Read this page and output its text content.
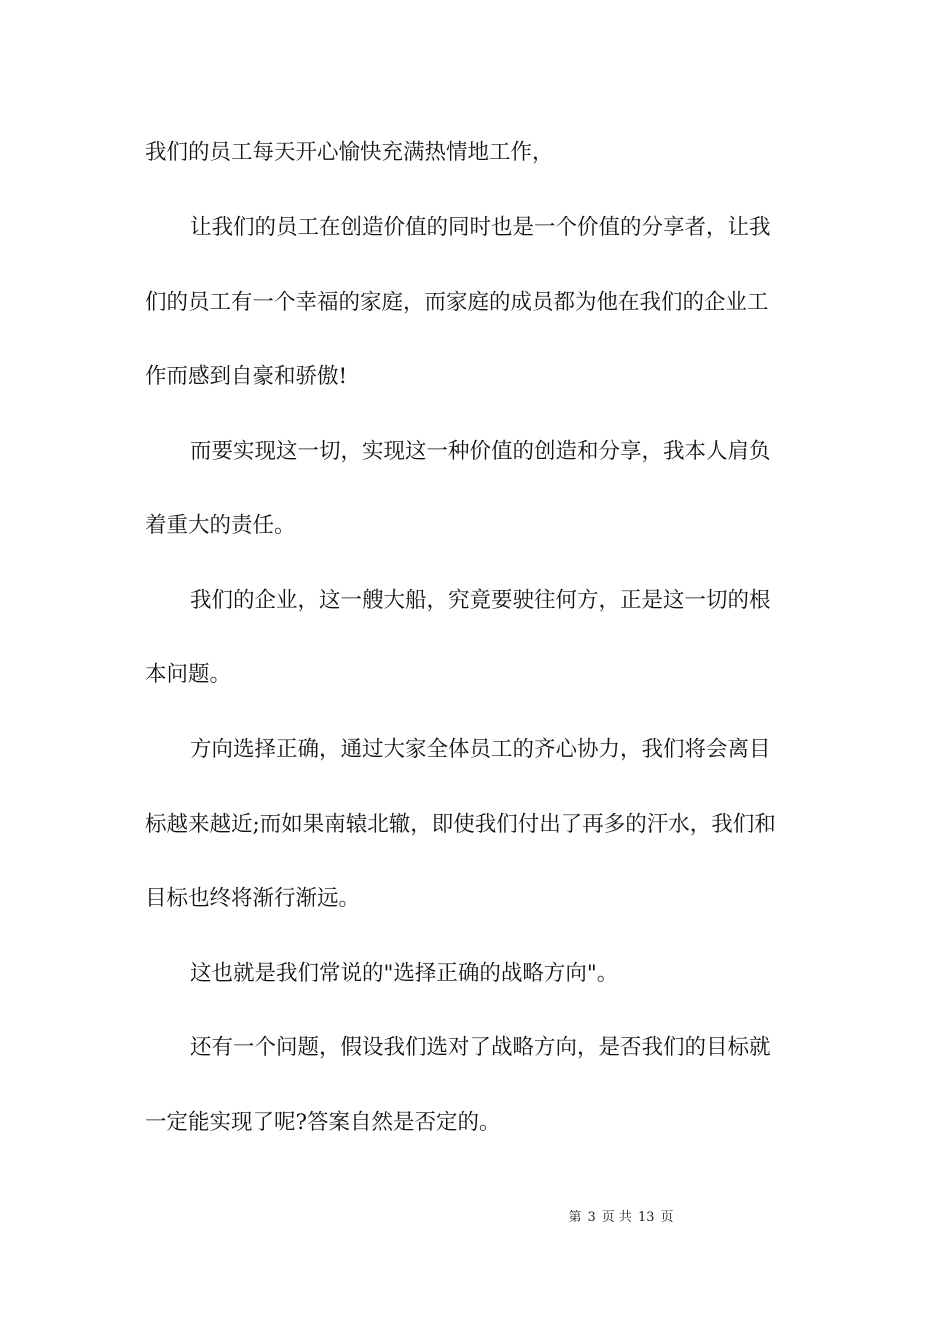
我们的员工每天开心愉快充满热情地工作，
让我们的员工在创造价值的同时也是一个价值的分享者，让我
们的员工有一个幸福的家庭，而家庭的成员都为他在我们的企业工
作而感到自豪和骄傲!
而要实现这一切，实现这一种价值的创造和分享，我本人肩负
着重大的责任。
我们的企业，这一艘大船，究竟要驶往何方，正是这一切的根
本问题。
方向选择正确，通过大家全体员工的齐心协力，我们将会离目
标越来越近;而如果南辕北辙，即使我们付出了再多的汗水，我们和
目标也终将渐行渐远。
这也就是我们常说的"选择正确的战略方向"。
还有一个问题，假设我们选对了战略方向，是否我们的目标就
一定能实现了呢?答案自然是否定的。
第 3 页 共 13 页
